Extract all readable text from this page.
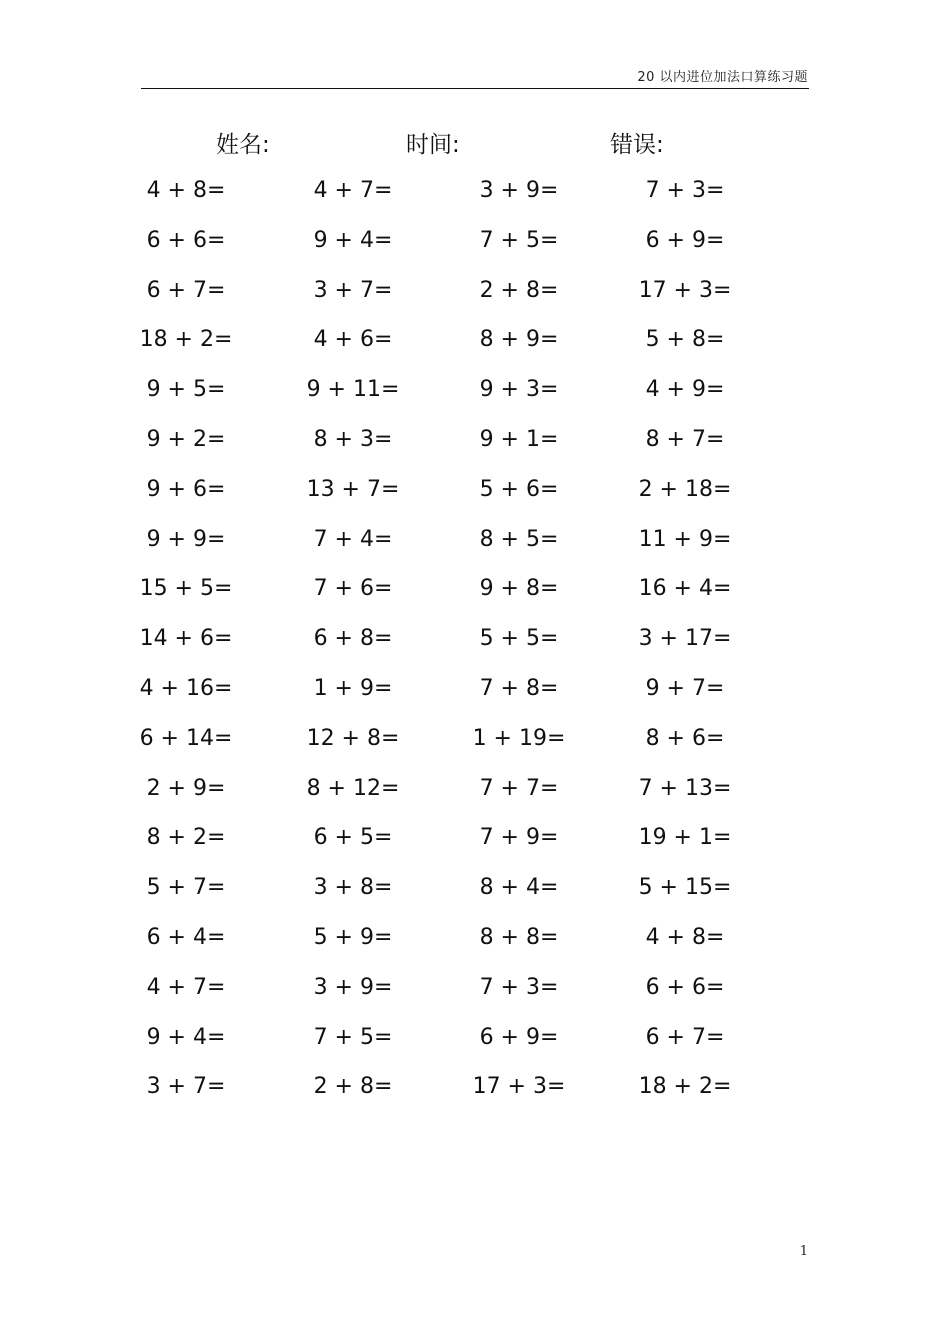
20 以内进位加法口算练习题
姓名:	时间:	错误:
4 + 8=	4 + 7=	3 + 9=	7 + 3=
6 + 6=	9 + 4=	7 + 5=	6 + 9=
6 + 7=	3 + 7=	2 + 8=	17 + 3=
18 + 2=	4 + 6=	8 + 9=	5 + 8=
9 + 5=	9 + 11=	9 + 3=	4 + 9=
9 + 2=	8 + 3=	9 + 1=	8 + 7=
9 + 6=	13 + 7=	5 + 6=	2 + 18=
9 + 9=	7 + 4=	8 + 5=	11 + 9=
15 + 5=	7 + 6=	9 + 8=	16 + 4=
14 + 6=	6 + 8=	5 + 5=	3 + 17=
4 + 16=	1 + 9=	7 + 8=	9 + 7=
6 + 14=	12 + 8=	1 + 19=	8 + 6=
2 + 9=	8 + 12=	7 + 7=	7 + 13=
8 + 2=	6 + 5=	7 + 9=	19 + 1=
5 + 7=	3 + 8=	8 + 4=	5 + 15=
6 + 4=	5 + 9=	8 + 8=	4 + 8=
4 + 7=	3 + 9=	7 + 3=	6 + 6=
9 + 4=	7 + 5=	6 + 9=	6 + 7=
3 + 7=	2 + 8=	17 + 3=	18 + 2=
1
